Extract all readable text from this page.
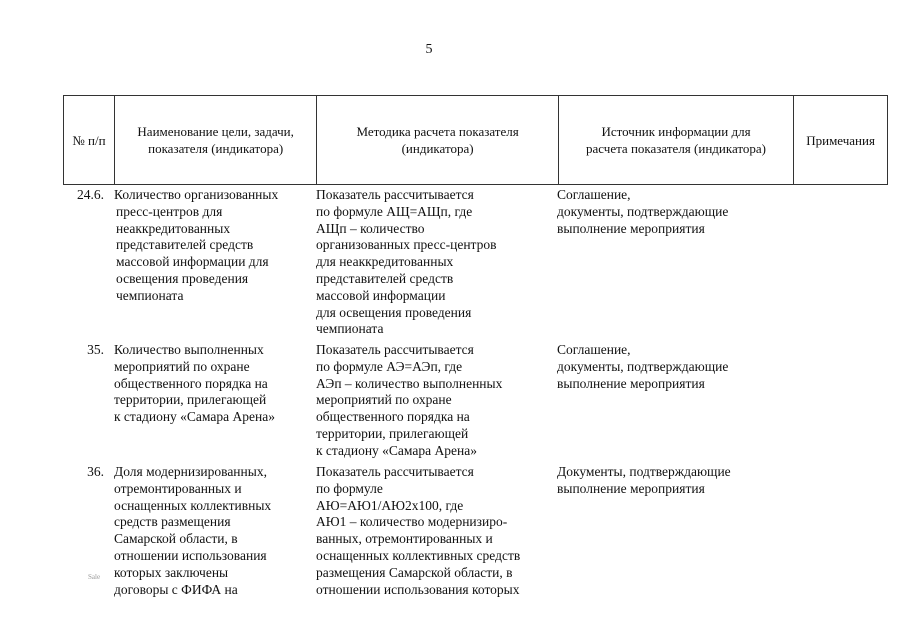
5
№ п/п
Наименование цели, задачи,
показателя (индикатора)
Методика расчета показателя
(индикатора)
Источник информации для
расчета показателя (индикатора)
Примечания
24.6. Количество организованных
пресс-центров для
неаккредитованных
представителей средств
массовой информации для
освещения проведения
чемпионата
Показатель рассчитывается
по формуле АЩ=АЩп, где
АЩп – количество
организованных пресс-центров
для неаккредитованных
представителей средств
массовой информации
для освещения проведения
чемпионата
Соглашение,
документы, подтверждающие
выполнение мероприятия
35. Количество выполненных
мероприятий по охране
общественного порядка на
территории, прилегающей
к стадиону «Самара Арена»
Показатель рассчитывается
по формуле АЭ=АЭп, где
АЭп – количество выполненных
мероприятий по охране
общественного порядка на
территории, прилегающей
к стадиону «Самара Арена»
Соглашение,
документы, подтверждающие
выполнение мероприятия
36. Доля модернизированных,
отремонтированных и
оснащенных коллективных
средств размещения
Самарской области, в
отношении использования
которых заключены
договоры с ФИФА на
Показатель рассчитывается
по формуле
АЮ=АЮ1/АЮ2х100, где
АЮ1 – количество модернизиро-
ванных, отремонтированных и
оснащенных коллективных средств
размещения Самарской области, в
отношении использования которых
Документы, подтверждающие
выполнение мероприятия
Sale
